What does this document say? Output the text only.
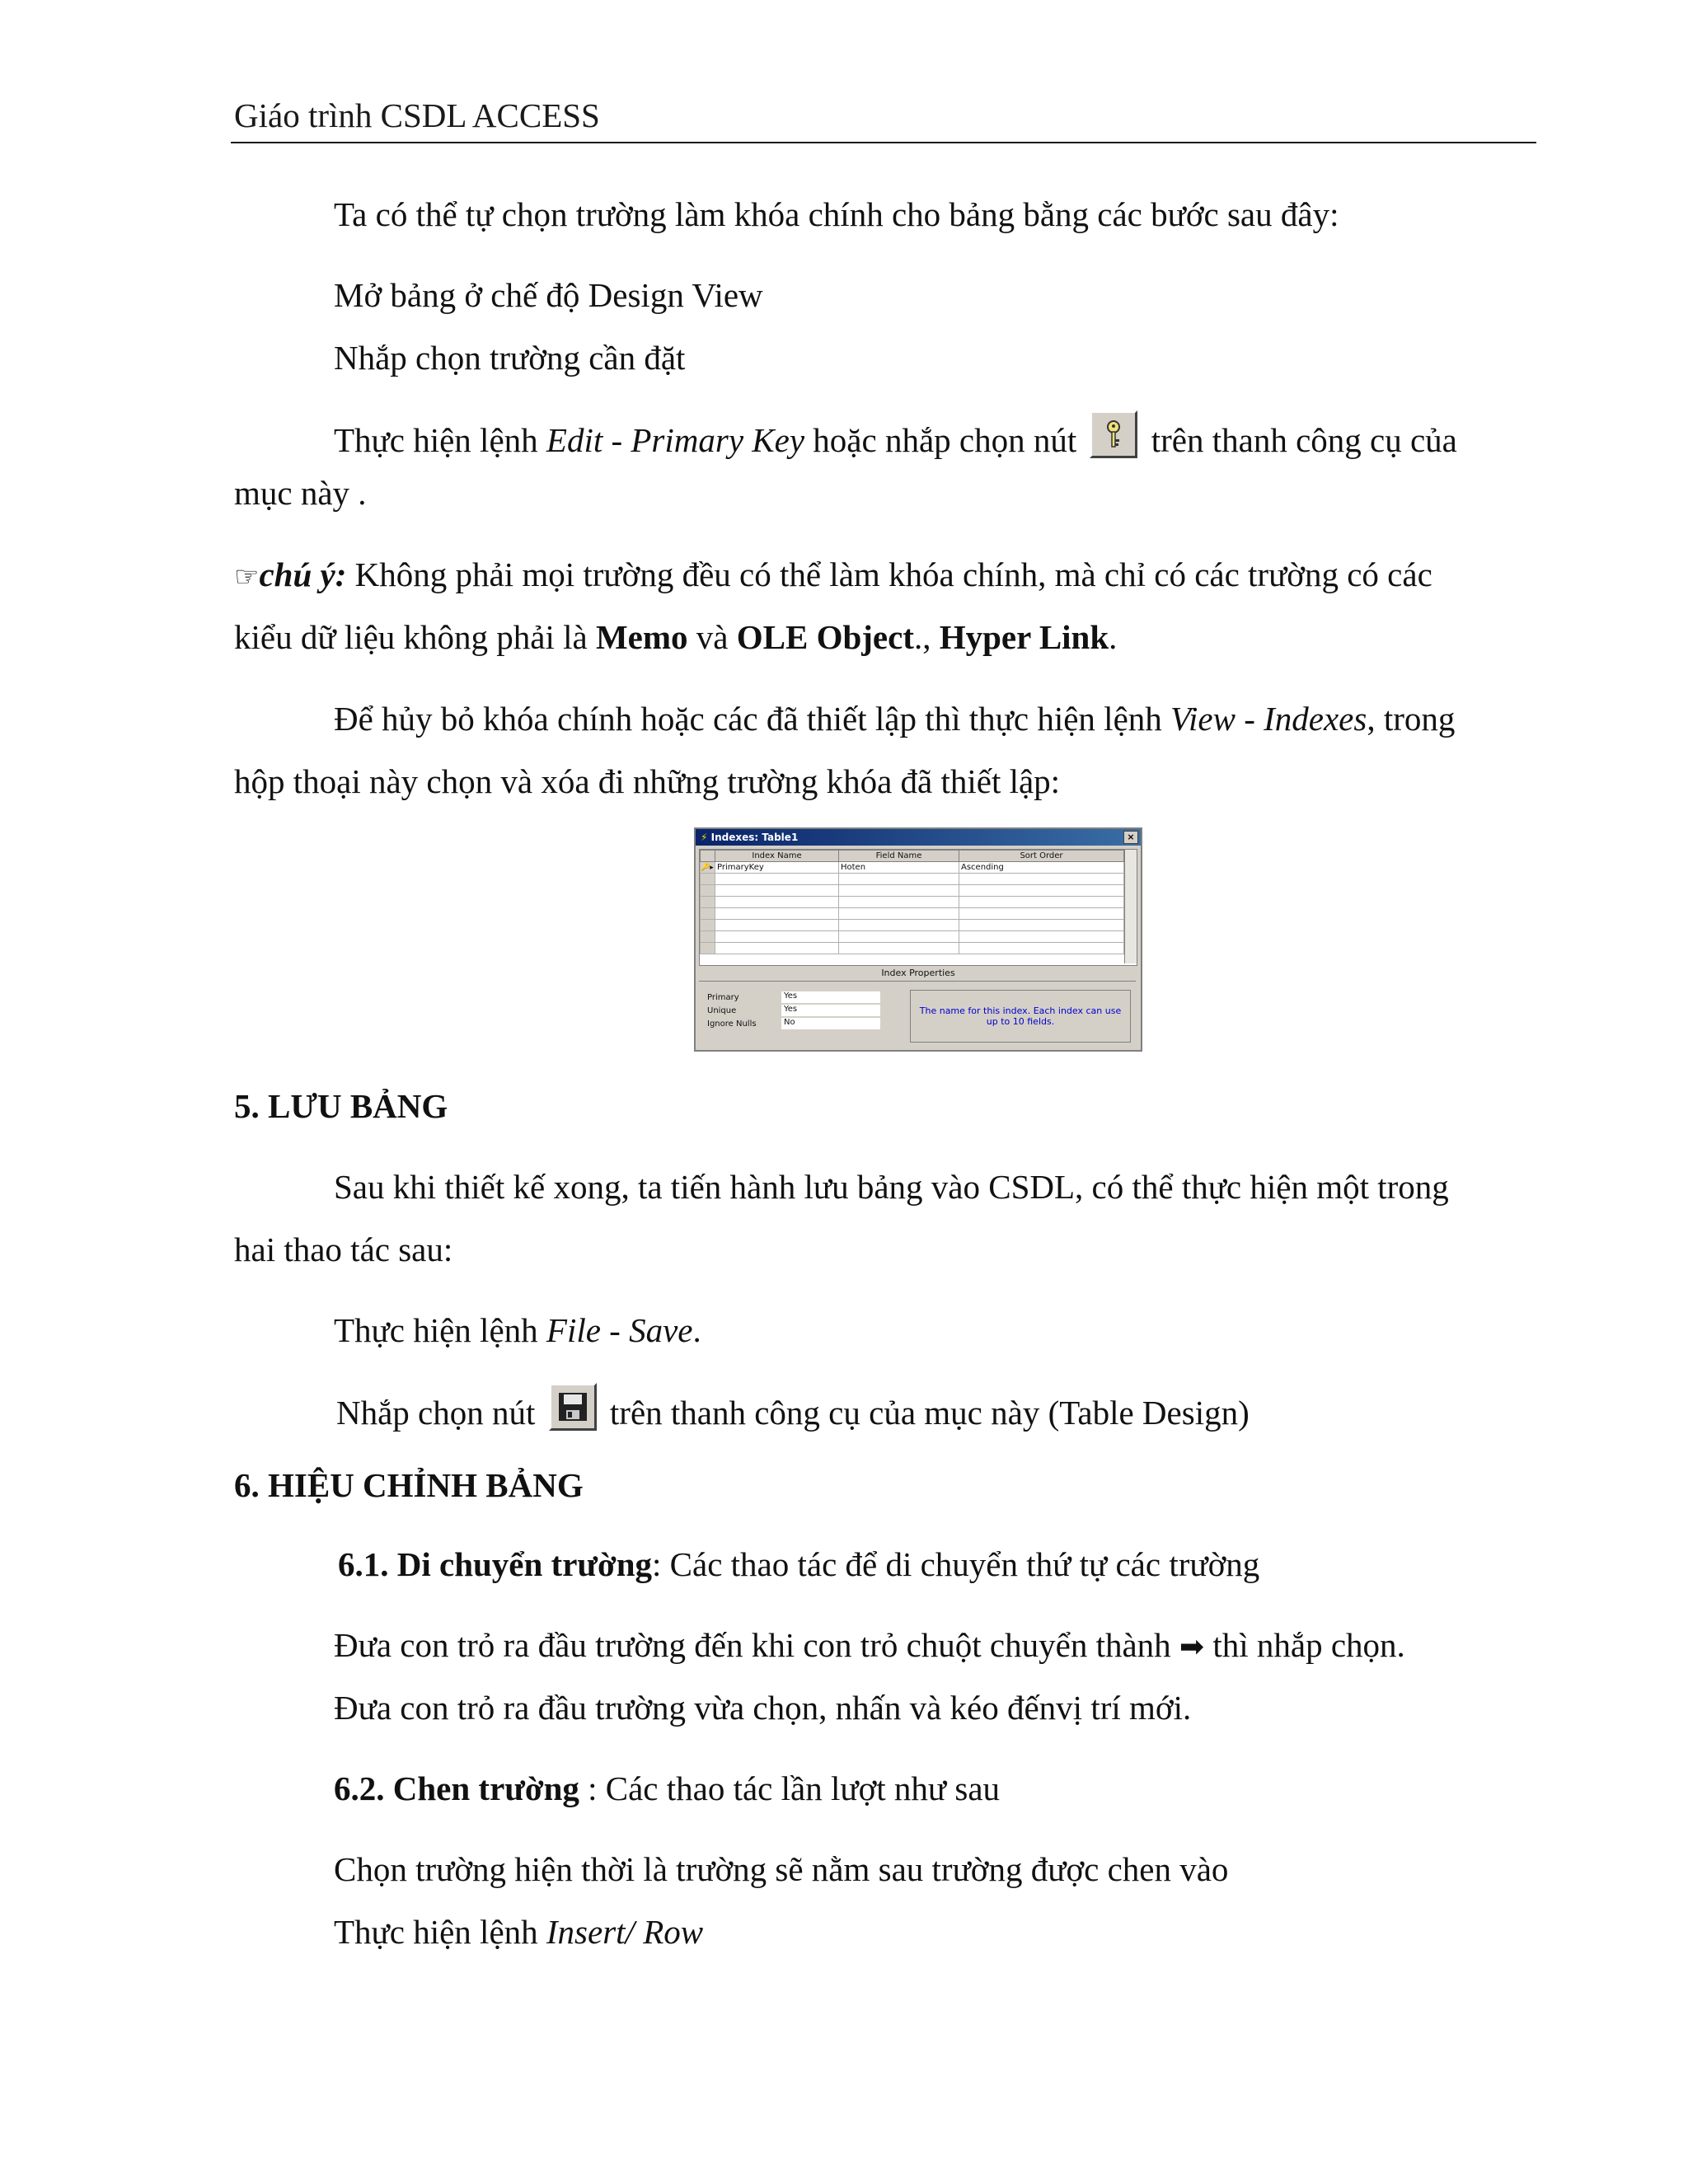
Giáo trình CSDL ACCESS
Ta có thể tự chọn trường làm khóa chính cho bảng bằng các bước sau đây:
Mở bảng ở chế độ Design View
Nhắp chọn trường cần đặt
Thực hiện lệnh Edit - Primary Key hoặc nhắp chọn nút
trên thanh công cụ của
mục này .
☞chú ý: Không phải mọi trường đều có thể làm khóa chính, mà chỉ có các trường có các
kiểu dữ liệu không phải là Memo và OLE Object., Hyper Link.
Để hủy bỏ khóa chính hoặc các đã thiết lập thì thực hiện lệnh View - Indexes, trong
hộp thoại này chọn và xóa đi những trường khóa đã thiết lập:
⚡ Indexes: Table1	×
	Index Name	Field Name	Sort Order
🔑▸	PrimaryKey	Hoten	Ascending

Index Properties
Primary	Yes
Unique	Yes
Ignore Nulls	No
The name for this index. Each index can use up to 10 fields.
5. LƯU BẢNG
Sau khi thiết kế xong, ta tiến hành lưu bảng vào CSDL, có thể thực hiện một trong
hai thao tác sau:
Thực hiện lệnh File - Save.
Nhắp chọn nút trên thanh công cụ của mục này (Table Design)
6. HIỆU CHỈNH BẢNG
6.1. Di chuyển trường: Các thao tác để di chuyển thứ tự các trường
Đưa con trỏ ra đầu trường đến khi con trỏ chuột chuyển thành ➡ thì nhắp chọn.
Đưa con trỏ ra đầu trường vừa chọn, nhấn và kéo đếnvị trí mới.
6.2. Chen trường : Các thao tác lần lượt như sau
Chọn trường hiện thời là trường sẽ nằm sau trường được chen vào
Thực hiện lệnh Insert/ Row
